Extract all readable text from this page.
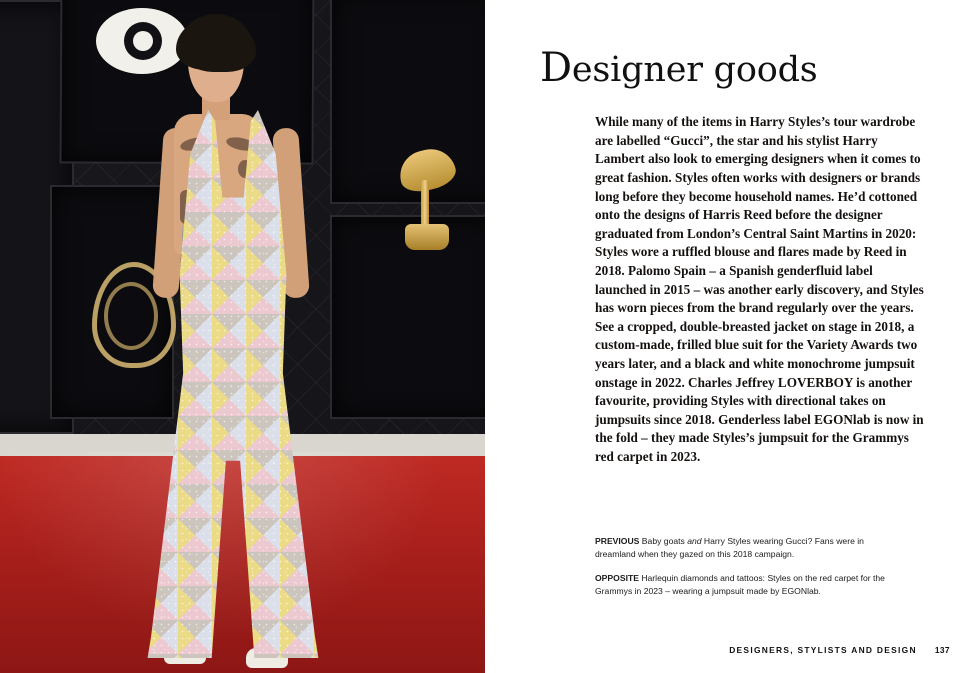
Designer goods

While many of the items in Harry Styles’s tour wardrobe are labelled “Gucci”, the star and his stylist Harry Lambert also look to emerging designers when it comes to great fashion. Styles often works with designers or brands long before they become household names. He’d cottoned onto the designs of Harris Reed before the designer graduated from London’s Central Saint Martins in 2020: Styles wore a ruffled blouse and flares made by Reed in 2018. Palomo Spain – a Spanish genderfluid label launched in 2015 – was another early discovery, and Styles has worn pieces from the brand regularly over the years. See a cropped, double-breasted jacket on stage in 2018, a custom-made, frilled blue suit for the Variety Awards two years later, and a black and white monochrome jumpsuit onstage in 2022. Charles Jeffrey LOVERBOY is another favourite, providing Styles with directional takes on jumpsuits since 2018. Genderless label EGONlab is now in the fold – they made Styles’s jumpsuit for the Grammys red carpet in 2023.

PREVIOUS Baby goats and Harry Styles wearing Gucci? Fans were in dreamland when they gazed on this 2018 campaign.
OPPOSITE Harlequin diamonds and tattoos: Styles on the red carpet for the Grammys in 2023 – wearing a jumpsuit made by EGONlab.
DESIGNERS, STYLISTS AND DESIGN 137
